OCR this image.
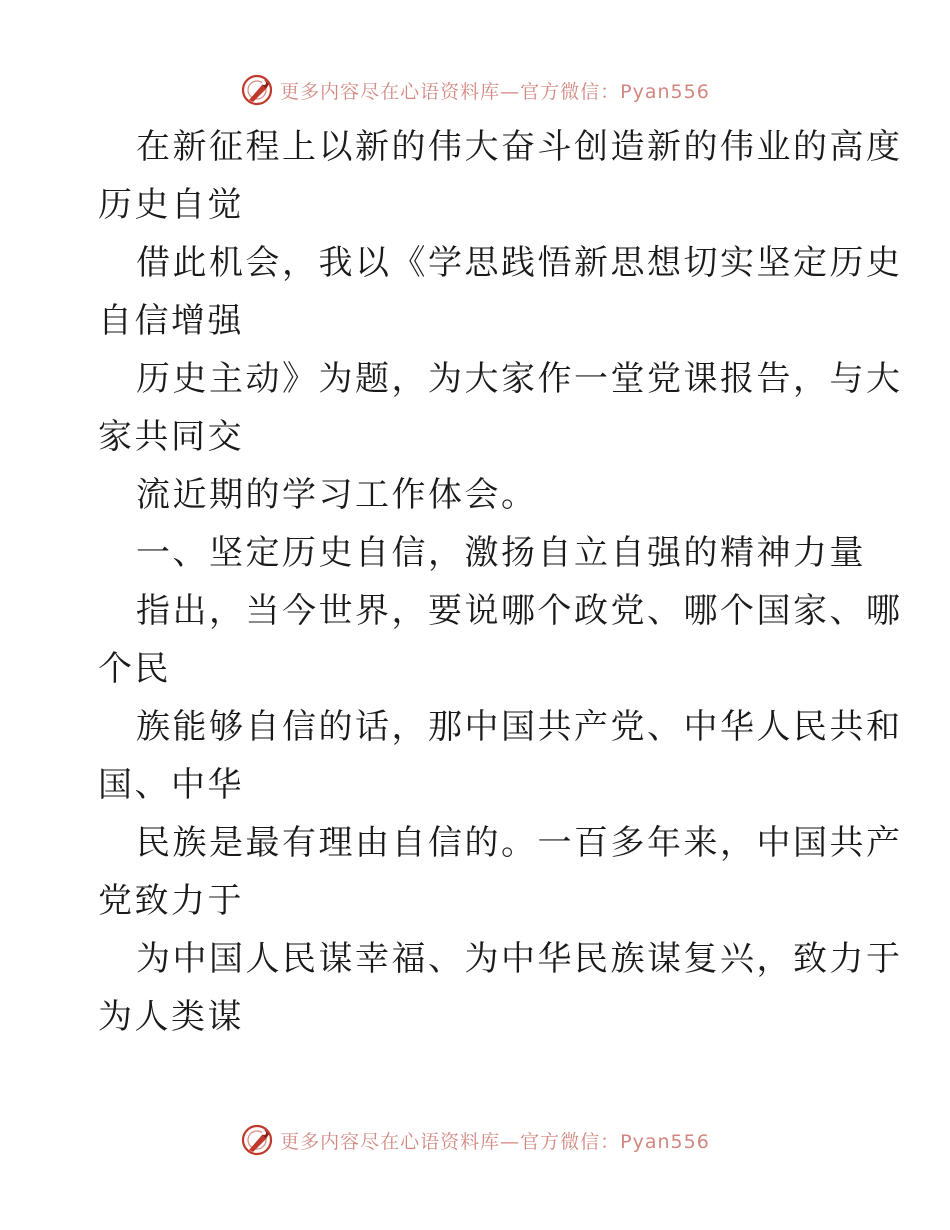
更多内容尽在心语资料库—官方微信：Pyan556
在新征程上以新的伟大奋斗创造新的伟业的高度
历史自觉
借此机会，我以《学思践悟新思想切实坚定历史
自信增强
历史主动》为题，为大家作一堂党课报告，与大
家共同交
流近期的学习工作体会。
一、坚定历史自信，激扬自立自强的精神力量
指出，当今世界，要说哪个政党、哪个国家、哪
个民
族能够自信的话，那中国共产党、中华人民共和
国、中华
民族是最有理由自信的。一百多年来，中国共产
党致力于
为中国人民谋幸福、为中华民族谋复兴，致力于
为人类谋
更多内容尽在心语资料库—官方微信：Pyan556
